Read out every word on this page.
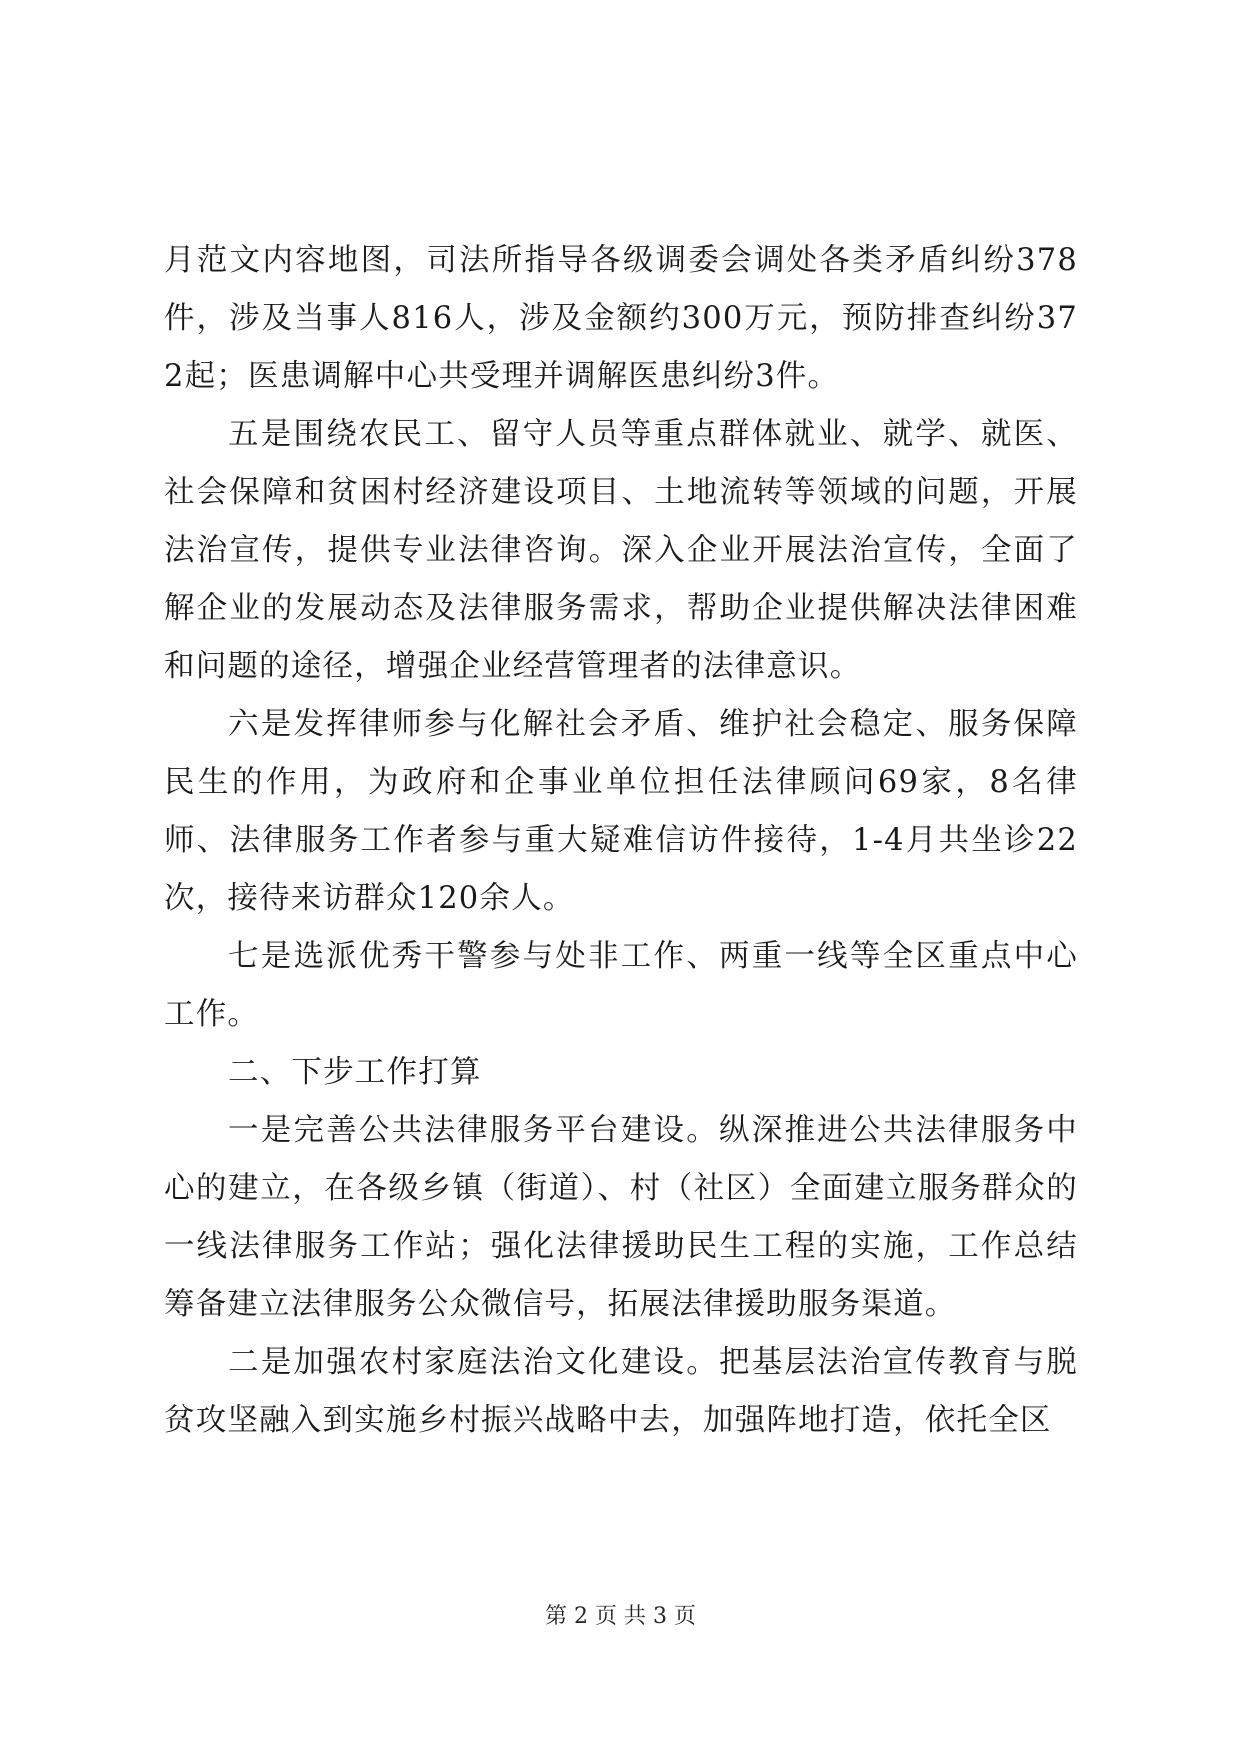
月范文内容地图，司法所指导各级调委会调处各类矛盾纠纷378件，涉及当事人816人，涉及金额约300万元，预防排查纠纷372起；医患调解中心共受理并调解医患纠纷3件。

五是围绕农民工、留守人员等重点群体就业、就学、就医、社会保障和贫困村经济建设项目、土地流转等领域的问题，开展法治宣传，提供专业法律咨询。深入企业开展法治宣传，全面了解企业的发展动态及法律服务需求，帮助企业提供解决法律困难和问题的途径，增强企业经营管理者的法律意识。

六是发挥律师参与化解社会矛盾、维护社会稳定、服务保障民生的作用，为政府和企事业单位担任法律顾问69家，8名律师、法律服务工作者参与重大疑难信访件接待，1-4月共坐诊22次，接待来访群众120余人。

七是选派优秀干警参与处非工作、两重一线等全区重点中心工作。

二、下步工作打算

一是完善公共法律服务平台建设。纵深推进公共法律服务中心的建立，在各级乡镇（街道）、村（社区）全面建立服务群众的一线法律服务工作站；强化法律援助民生工程的实施，工作总结筹备建立法律服务公众微信号，拓展法律援助服务渠道。

二是加强农村家庭法治文化建设。把基层法治宣传教育与脱贫攻坚融入到实施乡村振兴战略中去，加强阵地打造，依托全区

第 2 页 共 3 页
